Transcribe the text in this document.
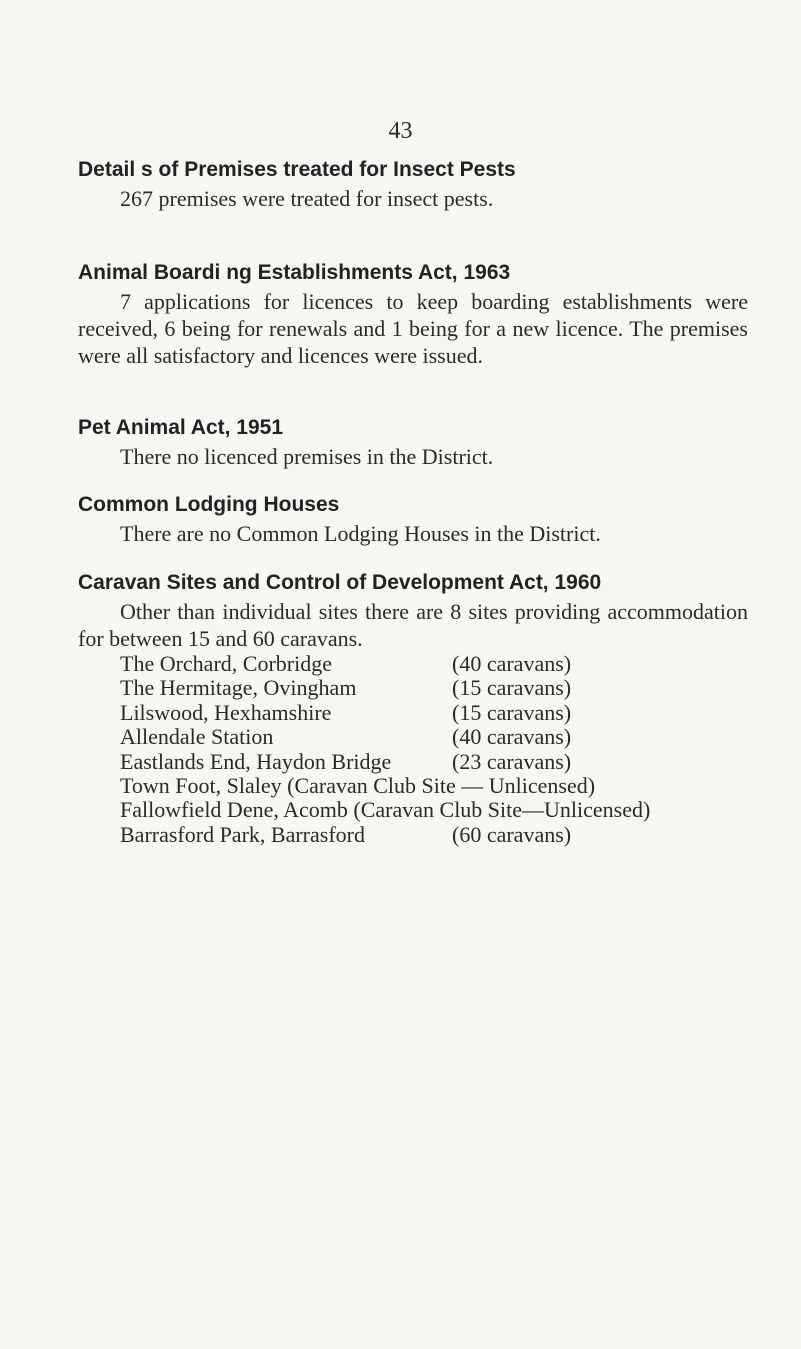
43
Detail s of Premises treated for Insect Pests

267 premises were treated for insect pests.

Animal Boardi ng Establishments Act, 1963

7 applications for licences to keep boarding establishments were received, 6 being for renewals and 1 being for a new licence. The premises were all satisfactory and licences were issued.

Pet Animal Act, 1951

There no licenced premises in the District.

Common Lodging Houses

There are no Common Lodging Houses in the District.

Caravan Sites and Control of Development Act, 1960

Other than individual sites there are 8 sites providing accommodation for between 15 and 60 caravans.

The Orchard, Corbridge	(40 caravans)
The Hermitage, Ovingham	(15 caravans)
Lilswood, Hexhamshire	(15 caravans)
Allendale Station	(40 caravans)
Eastlands End, Haydon Bridge	(23 caravans)
Town Foot, Slaley (Caravan Club Site — Unlicensed)
Fallowfield Dene, Acomb (Caravan Club Site—Unlicensed)
Barrasford Park, Barrasford	(60 caravans)
